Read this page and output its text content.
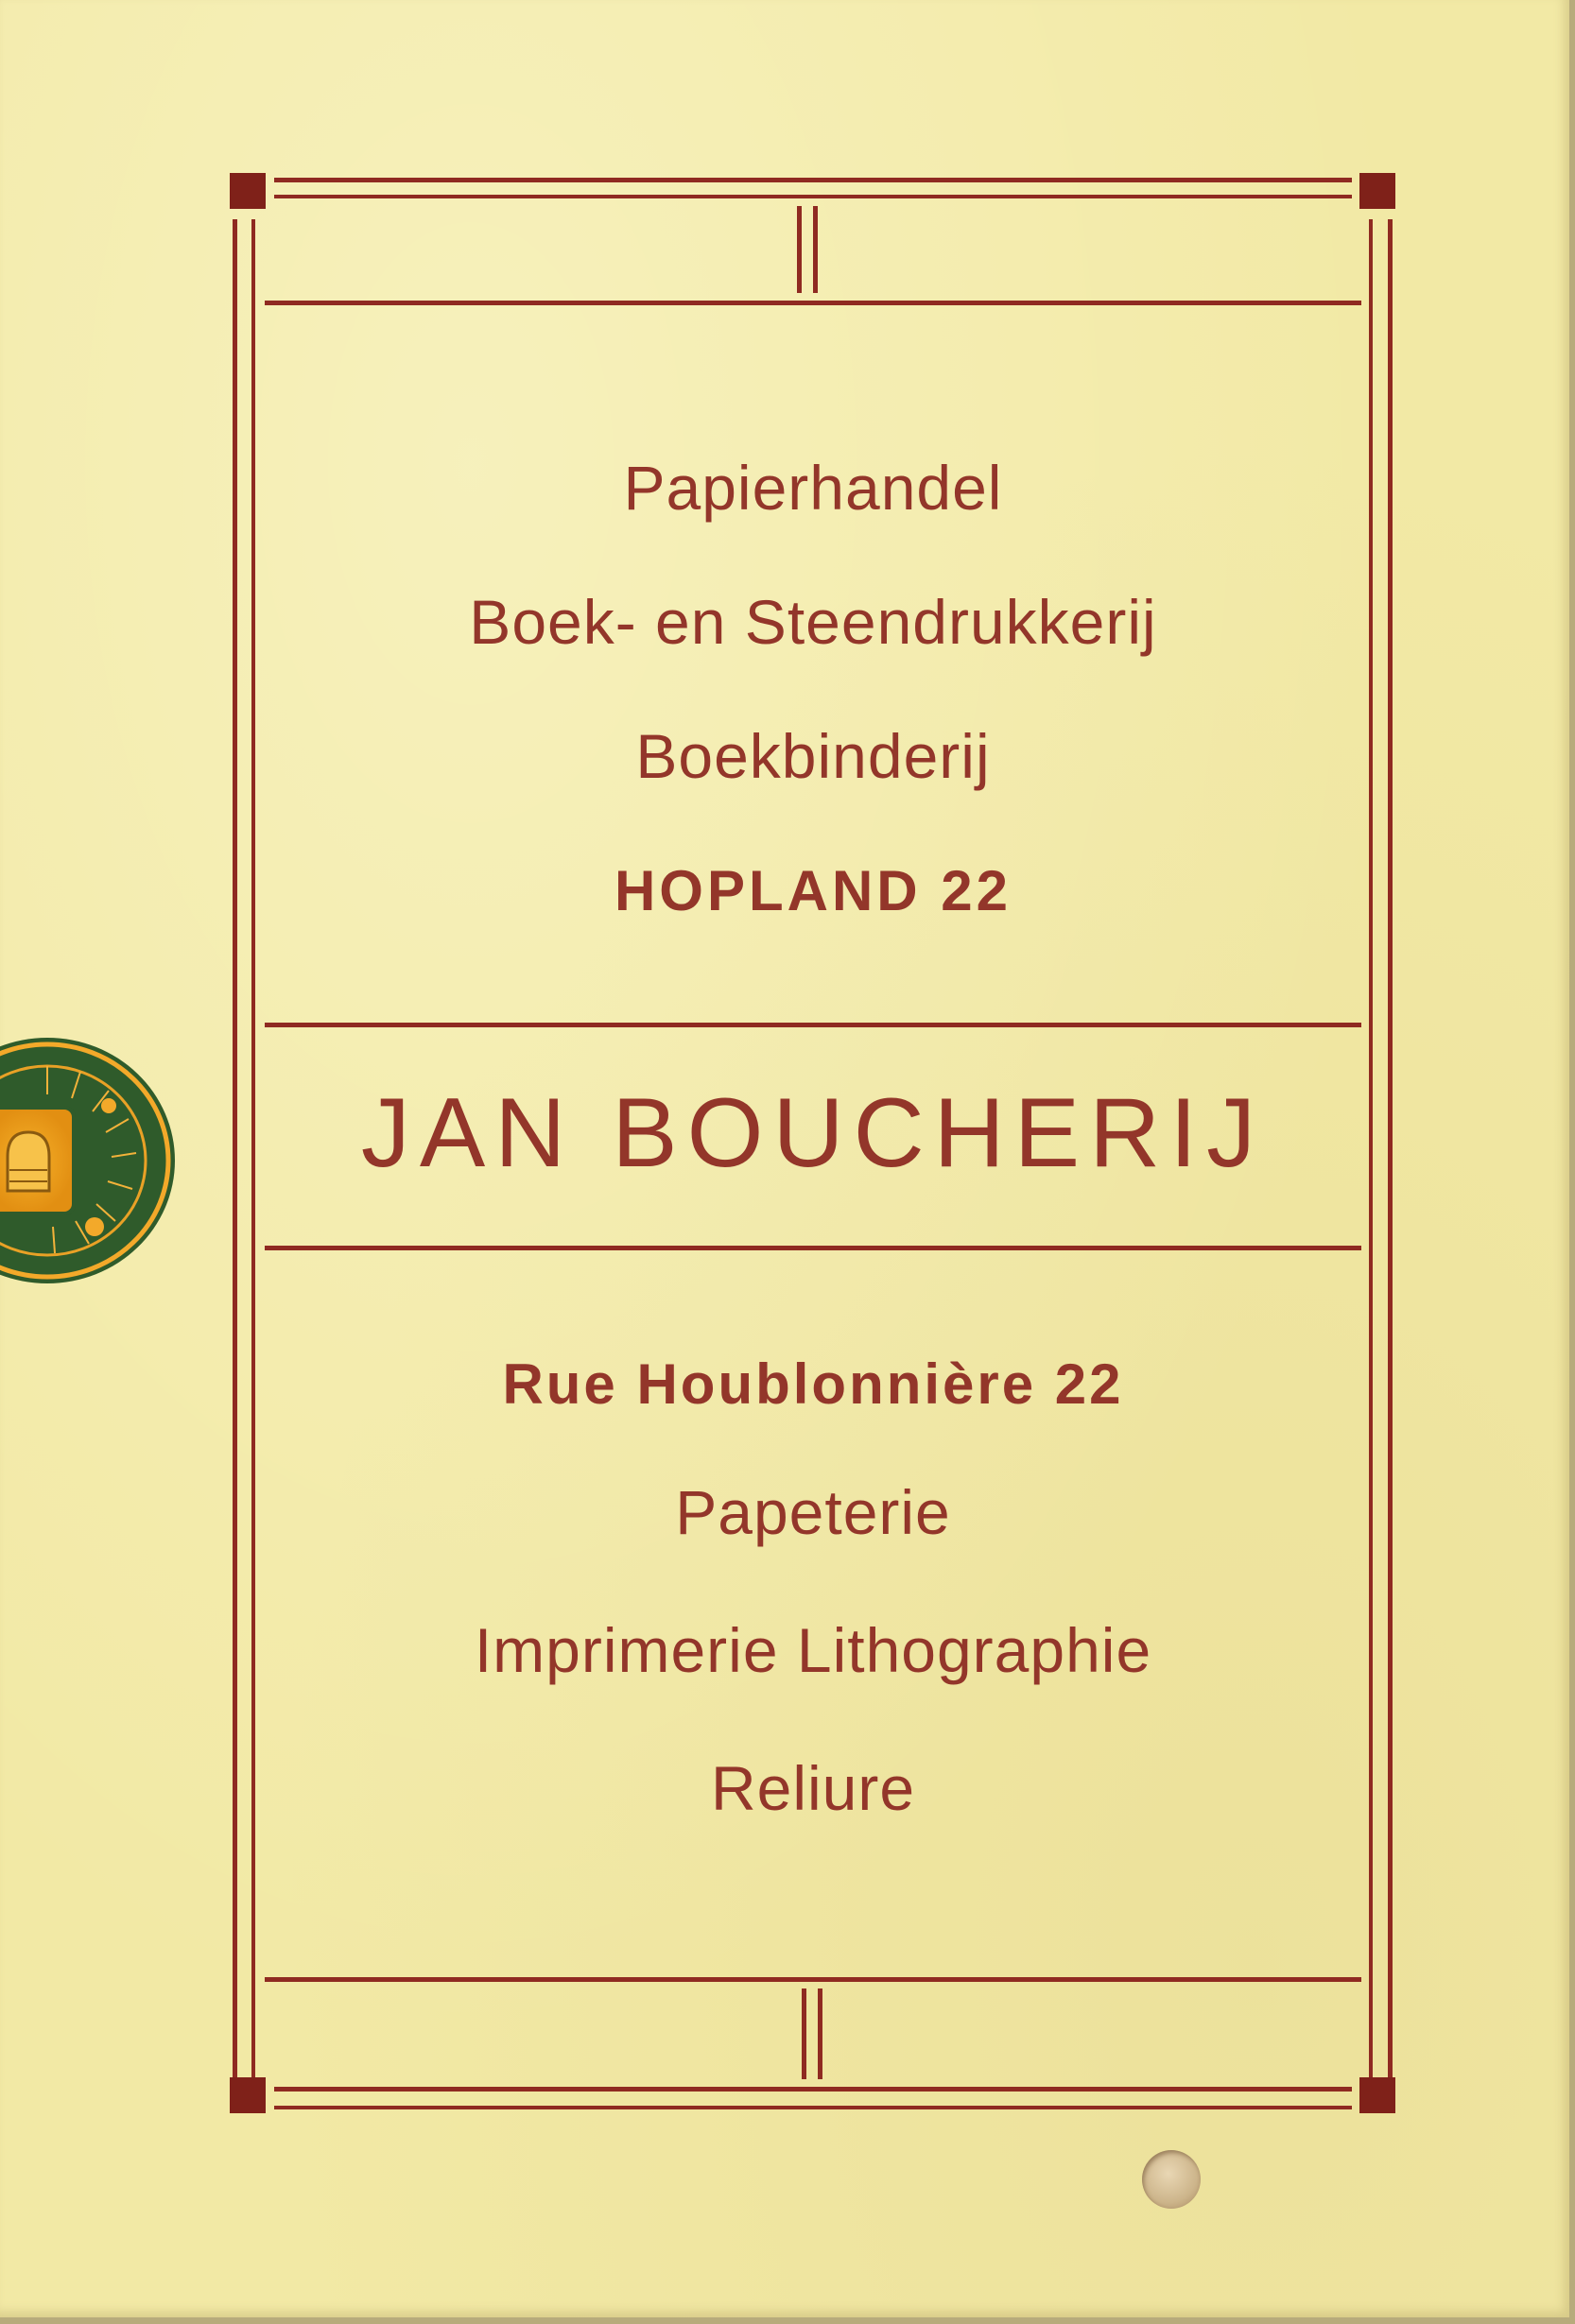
Papierhandel
Boek- en Steendrukkerij
Boekbinderij
HOPLAND 22
JAN BOUCHERIJ
Rue Houblonnière 22
Papeterie
Imprimerie Lithographie
Reliure
